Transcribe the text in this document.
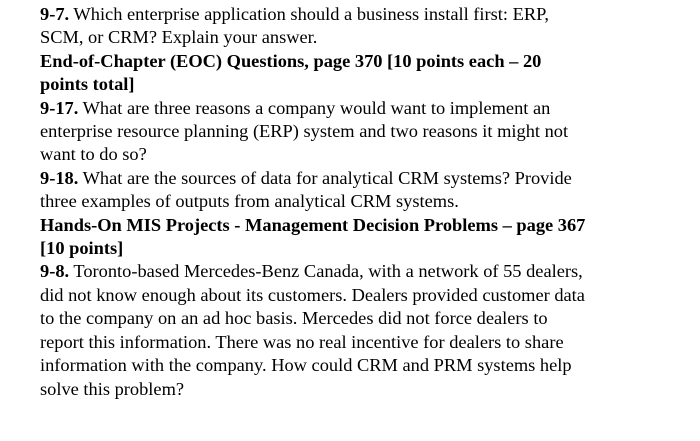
9-7. Which enterprise application should a business install first: ERP,
SCM, or CRM? Explain your answer.
End-of-Chapter (EOC) Questions, page 370 [10 points each – 20
points total]
9-17. What are three reasons a company would want to implement an
enterprise resource planning (ERP) system and two reasons it might not
want to do so?
9-18. What are the sources of data for analytical CRM systems? Provide
three examples of outputs from analytical CRM systems.
Hands-On MIS Projects - Management Decision Problems – page 367
[10 points]
9-8. Toronto-based Mercedes-Benz Canada, with a network of 55 dealers,
did not know enough about its customers. Dealers provided customer data
to the company on an ad hoc basis. Mercedes did not force dealers to
report this information. There was no real incentive for dealers to share
information with the company. How could CRM and PRM systems help
solve this problem?
